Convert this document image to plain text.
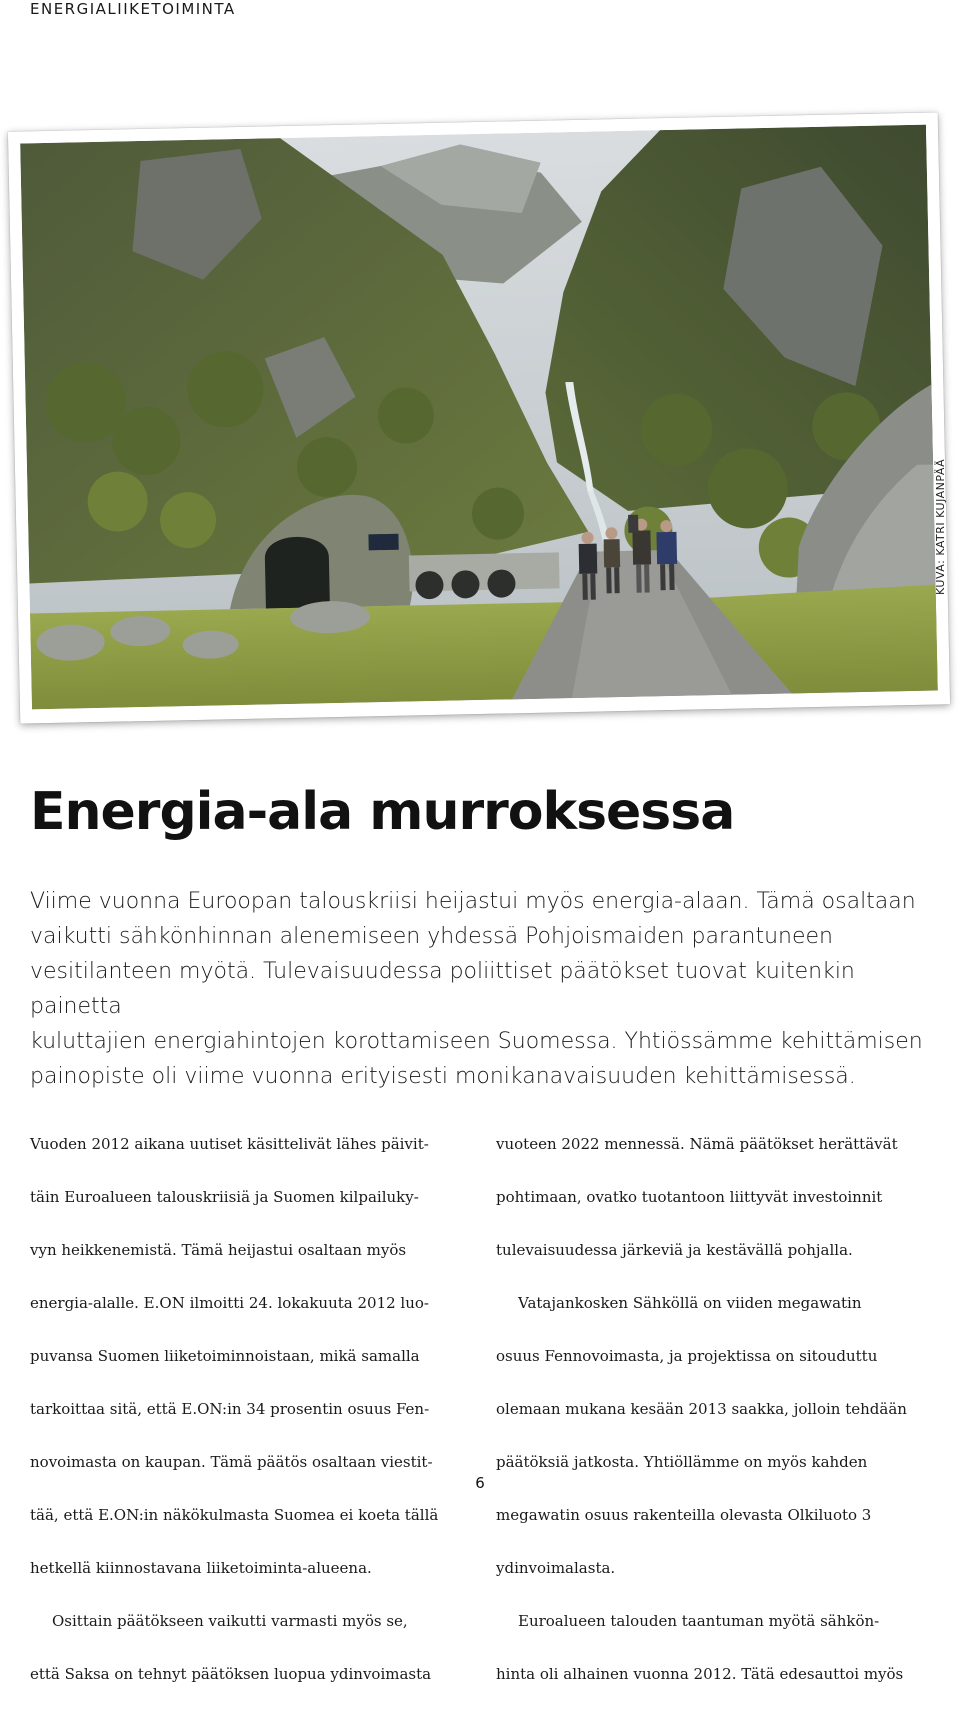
ENERGIALIIKETOIMINTA
KUVA: KATRI KUJANPÄÄ
Energia-ala murroksessa
Viime vuonna Euroopan talouskriisi heijastui myös energia-alaan. Tämä osaltaan
vaikutti sähkönhinnan alenemiseen yhdessä Pohjoismaiden parantuneen
vesitilanteen myötä. Tulevaisuudessa poliittiset päätökset tuovat kuitenkin painetta
kuluttajien energiahintojen korottamiseen Suomessa. Yhtiössämme kehittämisen
painopiste oli viime vuonna erityisesti monikanavaisuuden kehittämisessä.

Vuoden 2012 aikana uutiset käsittelivät lähes päivit-

täin Euroalueen talouskriisiä ja Suomen kilpailuky-

vyn heikkenemistä. Tämä heijastui osaltaan myös

energia-alalle. E.ON ilmoitti 24. lokakuuta 2012 luo-

puvansa Suomen liiketoiminnoistaan, mikä samalla

tarkoittaa sitä, että E.ON:in 34 prosentin osuus Fen-

novoimasta on kaupan. Tämä päätös osaltaan viestit-

tää, että E.ON:in näkökulmasta Suomea ei koeta tällä

hetkellä kiinnostavana liiketoiminta-alueena.

Osittain päätökseen vaikutti varmasti myös se,

että Saksa on tehnyt päätöksen luopua ydinvoimasta

vuoteen 2022 mennessä. Nämä päätökset herättävät

pohtimaan, ovatko tuotantoon liittyvät investoinnit

tulevaisuudessa järkeviä ja kestävällä pohjalla.

Vatajankosken Sähköllä on viiden megawatin

osuus Fennovoimasta, ja projektissa on sitouduttu

olemaan mukana kesään 2013 saakka, jolloin tehdään

päätöksiä jatkosta. Yhtiöllämme on myös kahden

megawatin osuus rakenteilla olevasta Olkiluoto 3

ydinvoimalasta.

Euroalueen talouden taantuman myötä sähkön-

hinta oli alhainen vuonna 2012. Tätä edesauttoi myös

6
